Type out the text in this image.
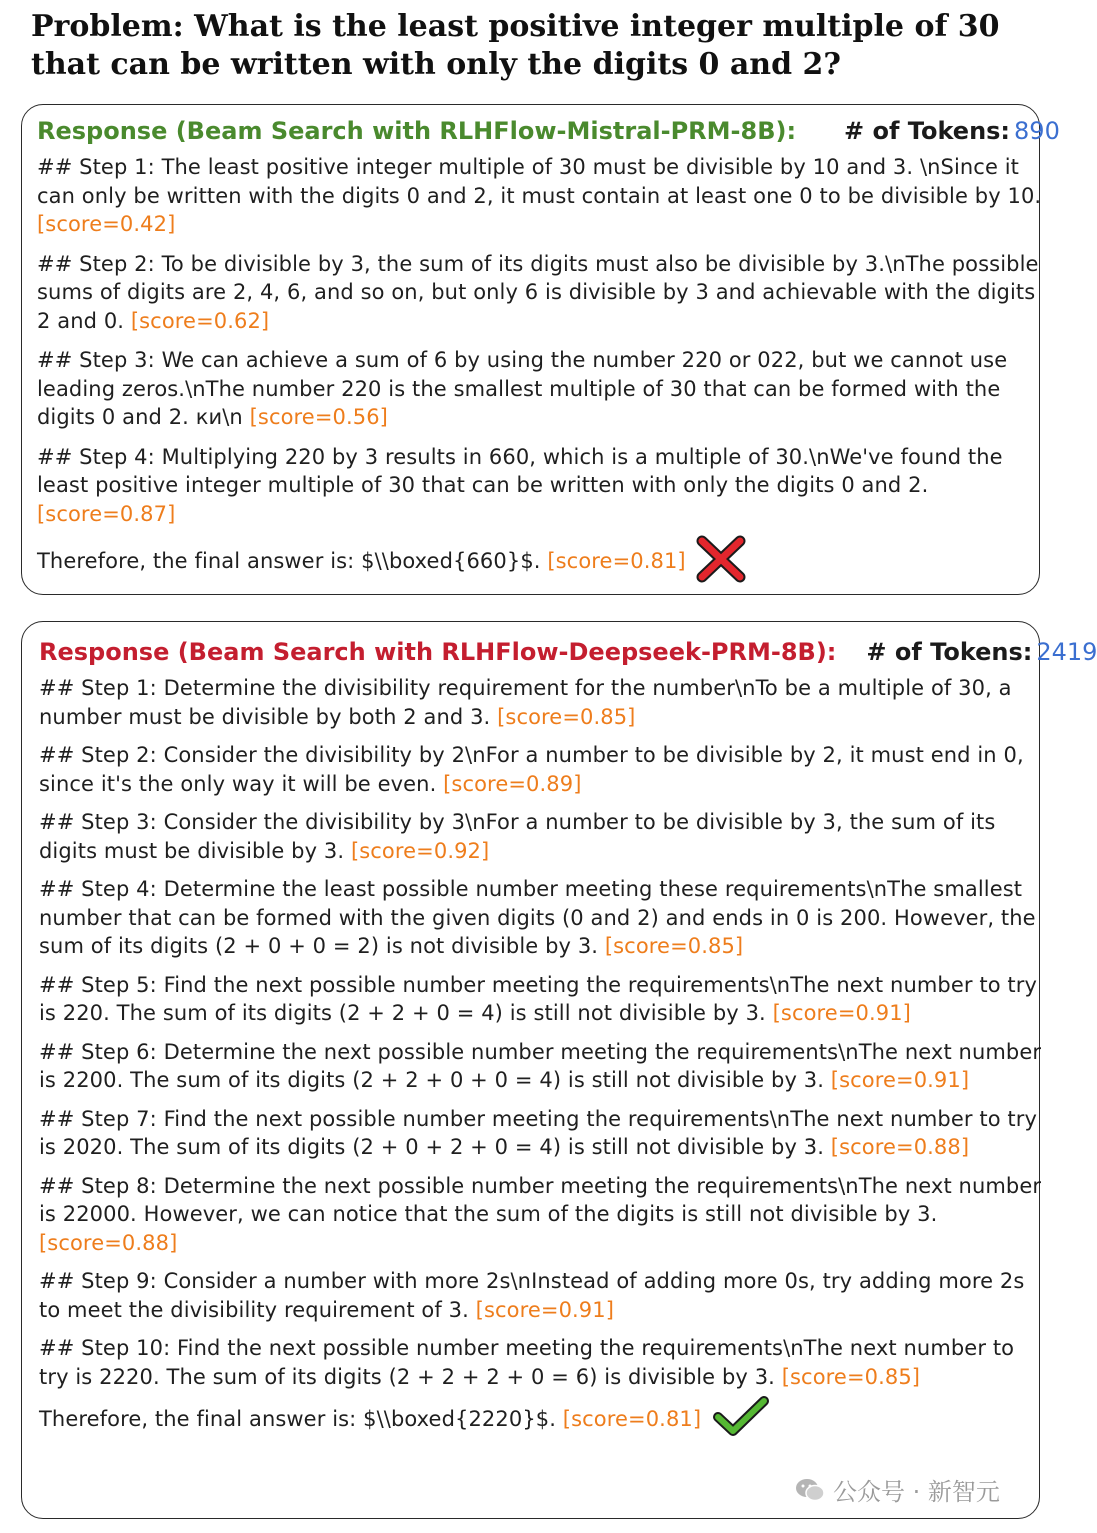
Problem: What is the least positive integer multiple of 30 that can be written with only the digits 0 and 2?
Response (Beam Search with RLHFlow-Mistral-PRM-8B): # of Tokens: 890

## Step 1: The least positive integer multiple of 30 must be divisible by 10 and 3. \nSince it can only be written with the digits 0 and 2, it must contain at least one 0 to be divisible by 10. [score=0.42]

## Step 2: To be divisible by 3, the sum of its digits must also be divisible by 3.\nThe possible sums of digits are 2, 4, 6, and so on, but only 6 is divisible by 3 and achievable with the digits 2 and 0. [score=0.62]

## Step 3: We can achieve a sum of 6 by using the number 220 or 022, but we cannot use leading zeros.\nThe number 220 is the smallest multiple of 30 that can be formed with the digits 0 and 2. ки\n [score=0.56]

## Step 4: Multiplying 220 by 3 results in 660, which is a multiple of 30.\nWe've found the least positive integer multiple of 30 that can be written with only the digits 0 and 2. [score=0.87]

Therefore, the final answer is: $\\boxed{660}$.
[score=0.81]
Response (Beam Search with RLHFlow-Deepseek-PRM-8B): # of Tokens: 2419

## Step 1: Determine the divisibility requirement for the number\nTo be a multiple of 30, a number must be divisible by both 2 and 3. [score=0.85]

## Step 2: Consider the divisibility by 2\nFor a number to be divisible by 2, it must end in 0, since it's the only way it will be even. [score=0.89]

## Step 3: Consider the divisibility by 3\nFor a number to be divisible by 3, the sum of its digits must be divisible by 3. [score=0.92]

## Step 4: Determine the least possible number meeting these requirements\nThe smallest number that can be formed with the given digits (0 and 2) and ends in 0 is 200. However, the sum of its digits (2 + 0 + 0 = 2) is not divisible by 3. [score=0.85]

## Step 5: Find the next possible number meeting the requirements\nThe next number to try is 220. The sum of its digits (2 + 2 + 0 = 4) is still not divisible by 3. [score=0.91]

## Step 6: Determine the next possible number meeting the requirements\nThe next number is 2200. The sum of its digits (2 + 2 + 0 + 0 = 4) is still not divisible by 3. [score=0.91]

## Step 7: Find the next possible number meeting the requirements\nThe next number to try is 2020. The sum of its digits (2 + 0 + 2 + 0 = 4) is still not divisible by 3. [score=0.88]

## Step 8: Determine the next possible number meeting the requirements\nThe next number is 22000. However, we can notice that the sum of the digits is still not divisible by 3. [score=0.88]

## Step 9: Consider a number with more 2s\nInstead of adding more 0s, try adding more 2s to meet the divisibility requirement of 3. [score=0.91]

## Step 10: Find the next possible number meeting the requirements\nThe next number to try is 2220. The sum of its digits (2 + 2 + 2 + 0 = 6) is divisible by 3. [score=0.85]

Therefore, the final answer is: $\\boxed{2220}$.
[score=0.81]
公众号 · 新智元
